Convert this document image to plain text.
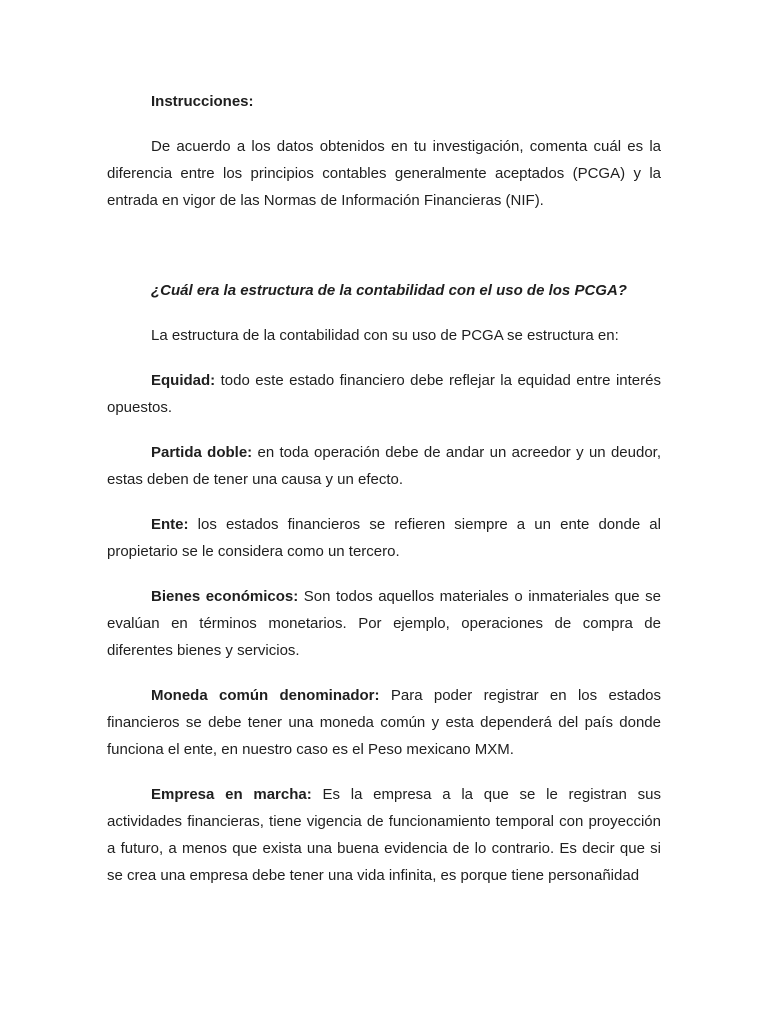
Instrucciones:

De acuerdo a los datos obtenidos en tu investigación, comenta cuál es la diferencia entre los principios contables generalmente aceptados (PCGA) y la entrada en vigor de las Normas de Información Financieras (NIF).

¿Cuál era la estructura de la contabilidad con el uso de los PCGA?

La estructura de la contabilidad con su uso de PCGA se estructura en:

Equidad: todo este estado financiero debe reflejar la equidad entre interés opuestos.

Partida doble: en toda operación debe de andar un acreedor y un deudor, estas deben de tener una causa y un efecto.

Ente: los estados financieros se refieren siempre a un ente donde al propietario se le considera como un tercero.

Bienes económicos: Son todos aquellos materiales o inmateriales que se evalúan en términos monetarios. Por ejemplo, operaciones de compra de diferentes bienes y servicios.

Moneda común denominador: Para poder registrar en los estados financieros se debe tener una moneda común y esta dependerá del país donde funciona el ente, en nuestro caso es el Peso mexicano MXM.

Empresa en marcha: Es la empresa a la que se le registran sus actividades financieras, tiene vigencia de funcionamiento temporal con proyección a futuro, a menos que exista una buena evidencia de lo contrario. Es decir que si se crea una empresa debe tener una vida infinita, es porque tiene personañidad
